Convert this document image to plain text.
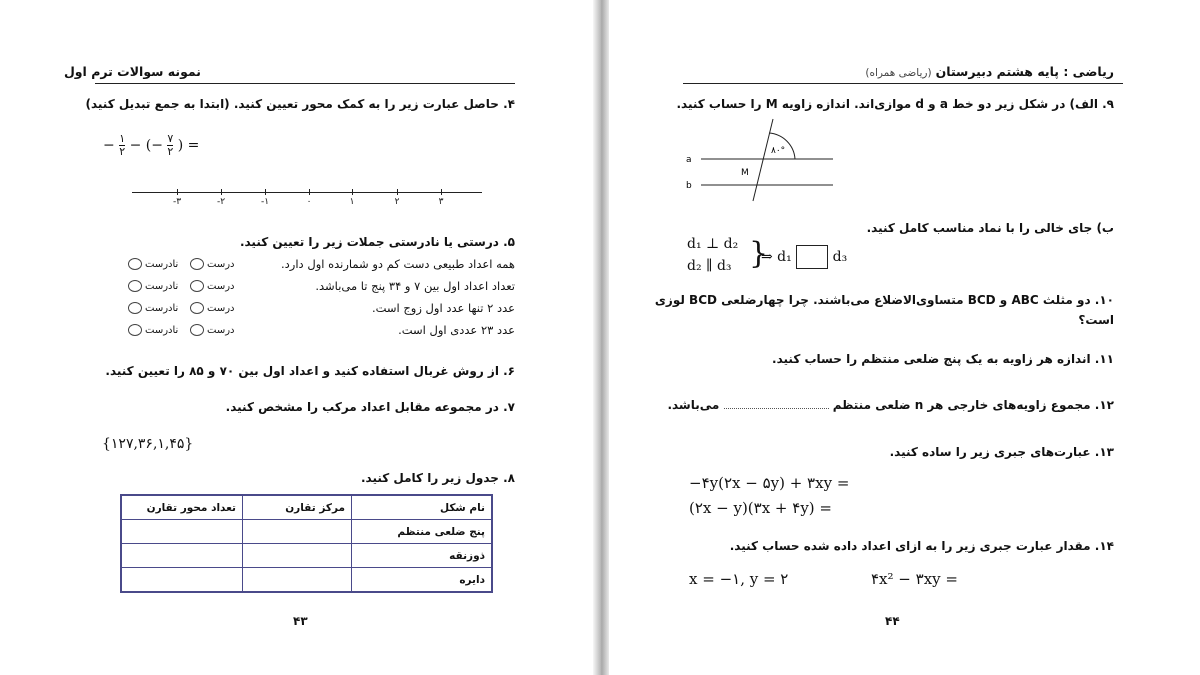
نمونه سوالات ترم اول
۴. حاصل عبارت زیر را به کمک محور تعیین کنید. (ابتدا به جمع تبدیل کنید)
− ۱

۲ − (− ۷

۲ ) =
-۳	-۲	-۱	۰	۱	۲	۳
۵. درستی یا نادرستی جملات زیر را تعیین کنید.
همه اعداد طبیعی دست کم دو شمارنده اول دارد.
درست
نادرست
تعداد اعداد اول بین ۷ و ۳۴ پنج تا می‌باشد.
درست
نادرست
عدد ۲ تنها عدد اول زوج است.
درست
نادرست
عدد ۲۳ عددی اول است.
درست
نادرست
۶. از روش غربال استفاده کنید و اعداد اول بین ۷۰ و ۸۵ را تعیین کنید.
۷. در مجموعه مقابل اعداد مرکب را مشخص کنید.
{۱۲۷,۳۶,۱,۴۵}
۸. جدول زیر را کامل کنید.
تعداد محور تقارن	مرکز تقارن	نام شکل
		پنج ضلعی منتظم
		ذوزنقه
		دایره
۴۳
ریاضی : پایه هشتم دبیرستان (ریاضی همراه)
۹. الف) در شکل زیر دو خط a و d موازی‌اند. اندازه زاویه M را حساب کنید.
a
b
۸۰°
M
ب) جای خالی را با نماد مناسب کامل کنید.
d₁ ⊥ d₂
d₂ ∥ d₃ }
⇒ d₁	d₃
۱۰. دو مثلث ABC و BCD متساوی‌الاضلاع می‌باشند. چرا چهارضلعی BCD لوزی است؟
۱۱. اندازه هر زاویه به یک پنج ضلعی منتظم را حساب کنید.
۱۲. مجموع زاویه‌های خارجی هر n ضلعی منتظم  می‌باشد.
۱۳. عبارت‌های جبری زیر را ساده کنید.
−۴y(۲x − ۵y) + ۳xy =
(۲x − y)(۳x + ۴y) =
۱۴. مقدار عبارت جبری زیر را به ازای اعداد داده شده حساب کنید.
x = −۱, y = ۲	۴x² − ۳xy =
۴۴
